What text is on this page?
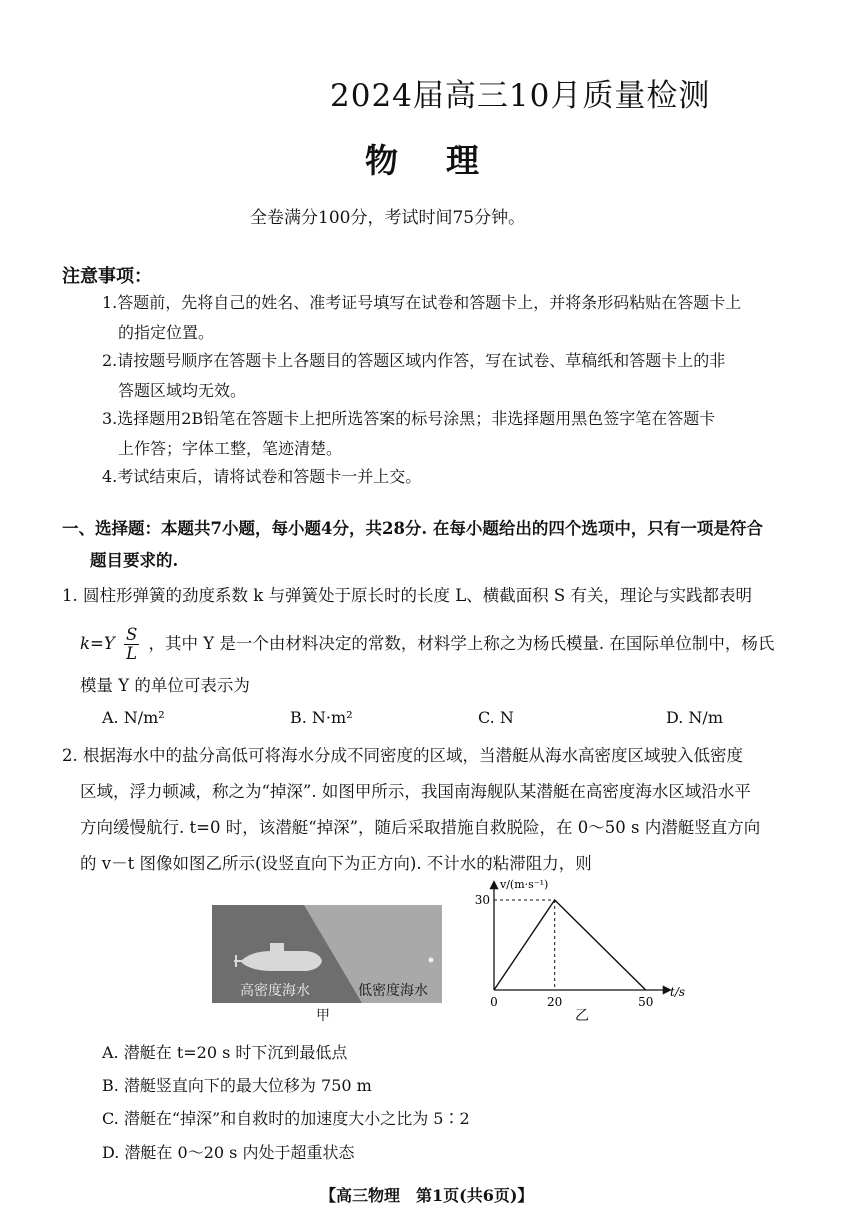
2024届高三10月质量检测
物理
全卷满分100分，考试时间75分钟。
注意事项：
1.答题前，先将自己的姓名、准考证号填写在试卷和答题卡上，并将条形码粘贴在答题卡上
的指定位置。
2.请按题号顺序在答题卡上各题目的答题区域内作答，写在试卷、草稿纸和答题卡上的非
答题区域均无效。
3.选择题用2B铅笔在答题卡上把所选答案的标号涂黑；非选择题用黑色签字笔在答题卡
上作答；字体工整，笔迹清楚。
4.考试结束后，请将试卷和答题卡一并上交。
一、选择题：本题共7小题，每小题4分，共28分. 在每小题给出的四个选项中，只有一项是符合
题目要求的.
1. 圆柱形弹簧的劲度系数 k 与弹簧处于原长时的长度 L、横截面积 S 有关，理论与实践都表明
$k=Y \frac{S}{L}$ ，其中 Y 是一个由材料决定的常数，材料学上称之为杨氏模量. 在国际单位制中，杨氏
模量 Y 的单位可表示为
A. N/m²	B. N·m²	C. N	D. N/m
2. 根据海水中的盐分高低可将海水分成不同密度的区域，当潜艇从海水高密度区域驶入低密度
区域，浮力顿减，称之为“掉深”. 如图甲所示，我国南海舰队某潜艇在高密度海水区域沿水平
方向缓慢航行. t=0 时，该潜艇“掉深”，随后采取措施自救脱险，在 0～50 s 内潜艇竖直方向
的 v－t 图像如图乙所示(设竖直向下为正方向). 不计水的粘滞阻力，则
高密度海水	低密度海水
甲
v/(m·s⁻¹)
t/s
0	20	50
30
乙
A. 潜艇在 t=20 s 时下沉到最低点
B. 潜艇竖直向下的最大位移为 750 m
C. 潜艇在“掉深”和自救时的加速度大小之比为 5∶2
D. 潜艇在 0～20 s 内处于超重状态
【高三物理　第1页(共6页)】
